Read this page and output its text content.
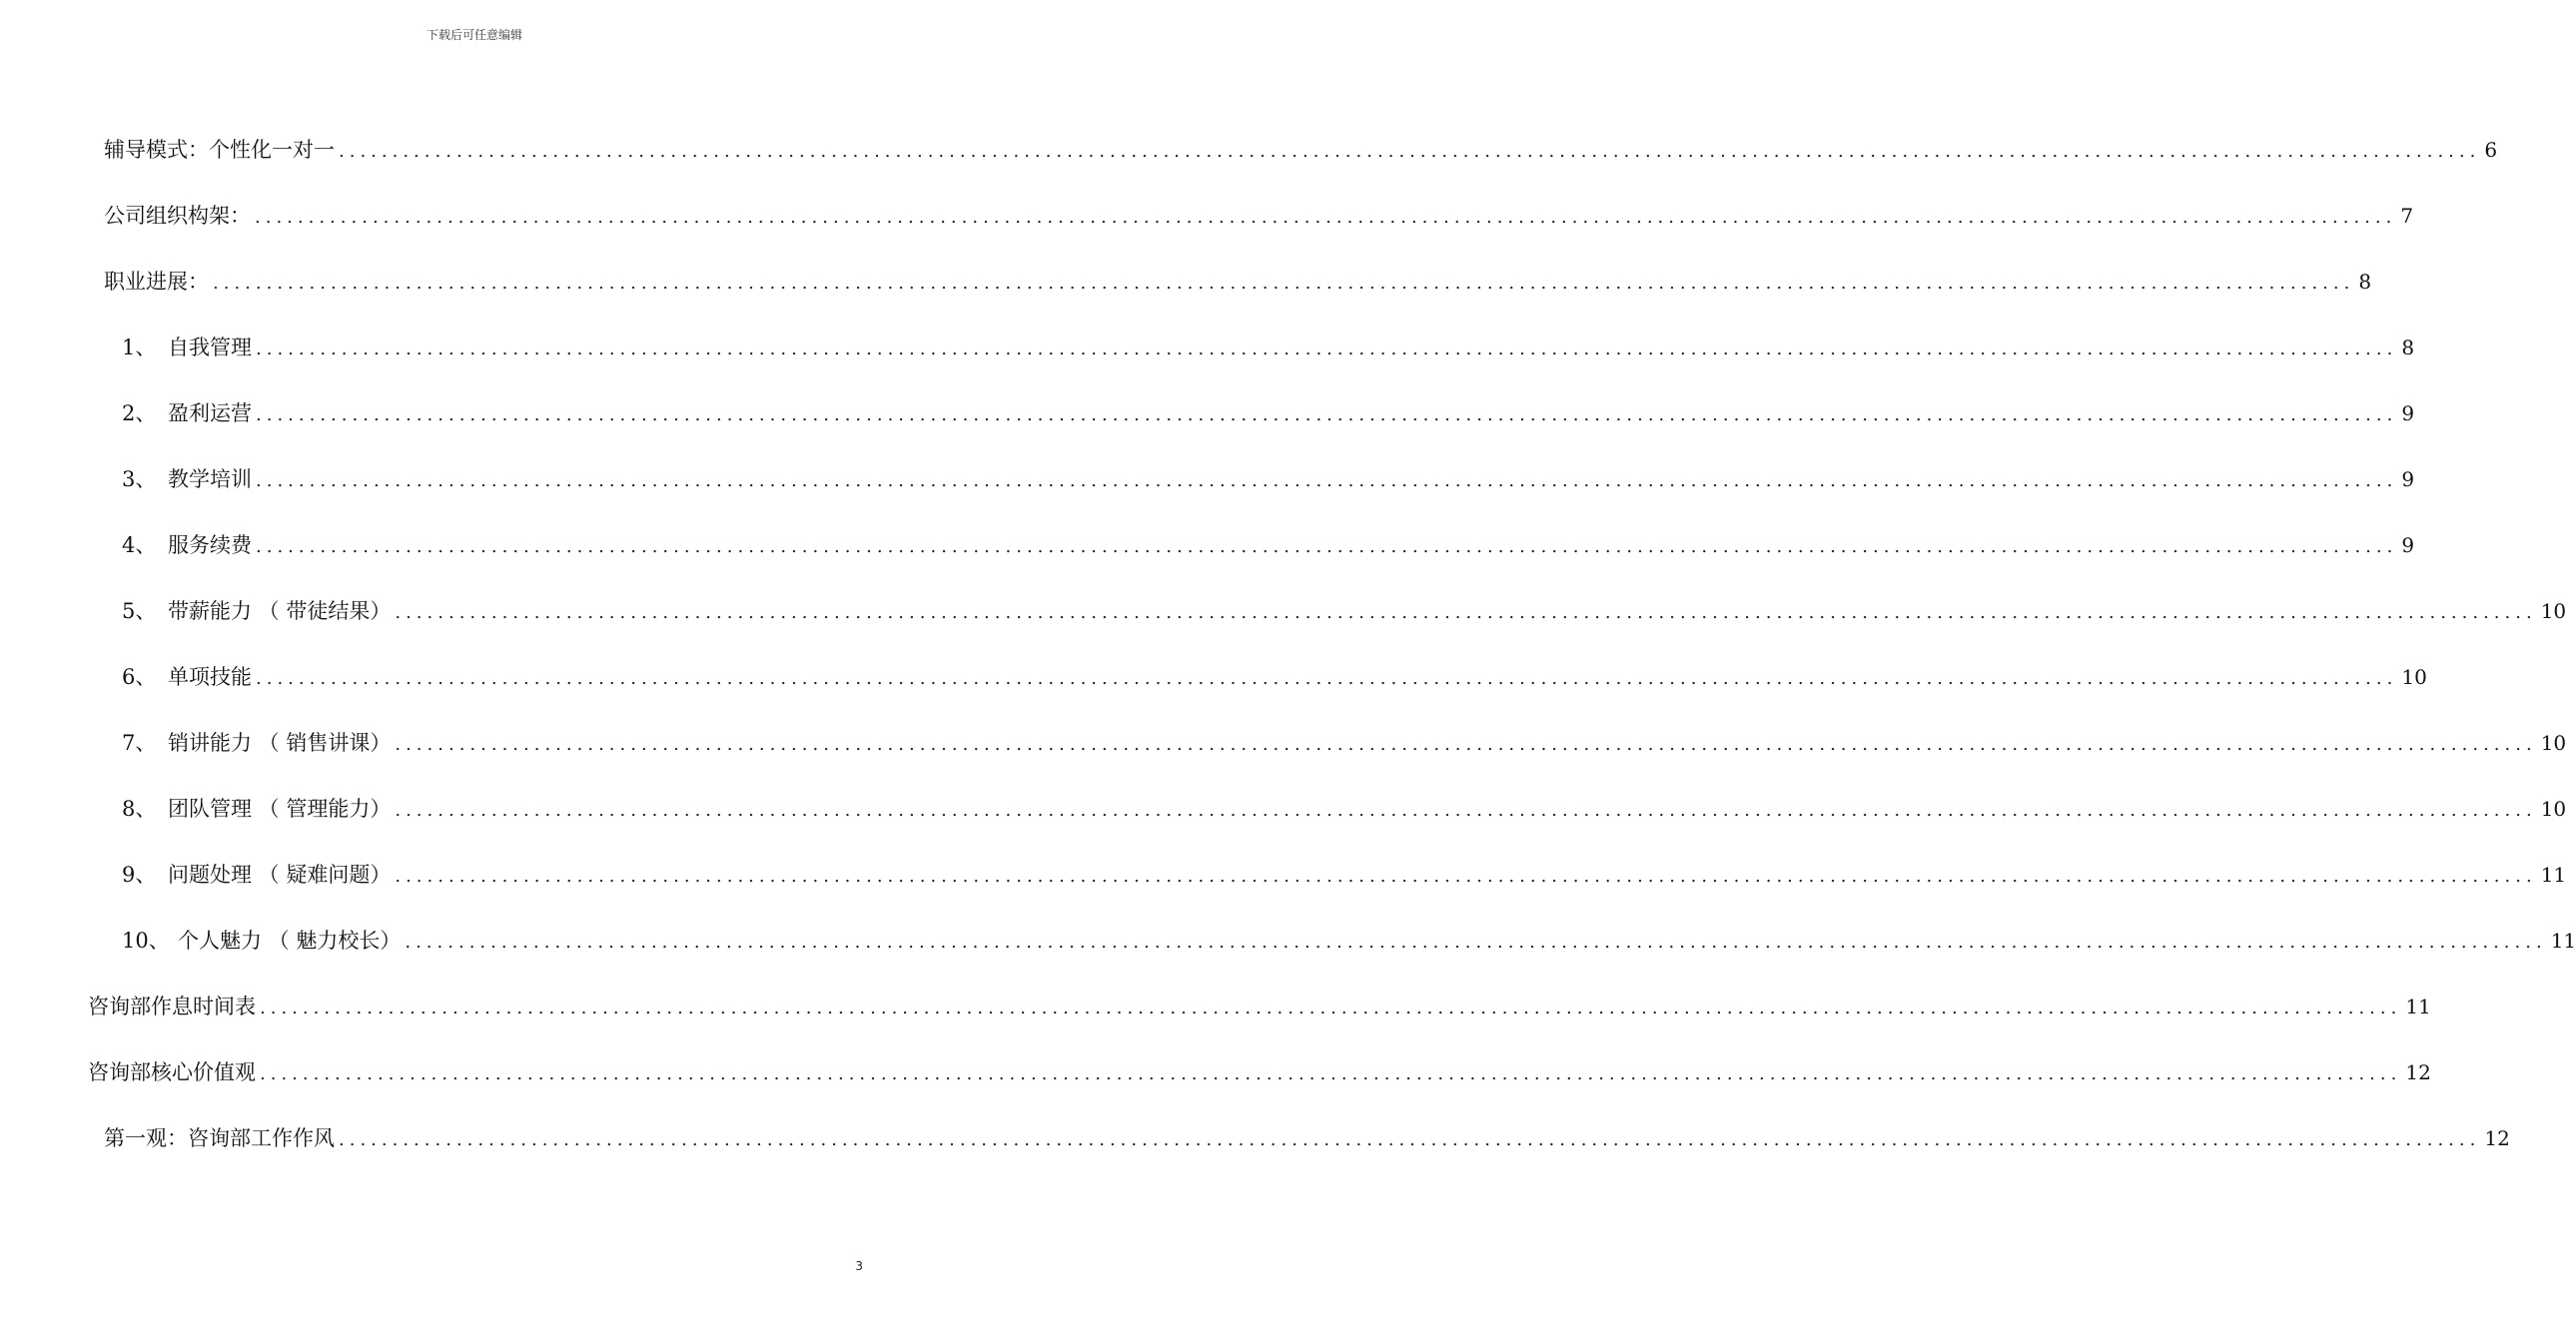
下载后可任意编辑
辅导模式：个性化一对一 ........................................................................................................................................................................................................ 6
公司组织构架： ........................................................................................................................................................................................................ 7
职业进展： ........................................................................................................................................................................................................ 8
1、 自我管理 ........................................................................................................................................................................................................ 8
2、 盈利运营 ........................................................................................................................................................................................................ 9
3、 教学培训 ........................................................................................................................................................................................................ 9
4、 服务续费 ........................................................................................................................................................................................................ 9
5、 带薪能力 （ 带徒结果） ........................................................................................................................................................................................................ 10
6、 单项技能 ........................................................................................................................................................................................................ 10
7、 销讲能力 （ 销售讲课） ........................................................................................................................................................................................................ 10
8、 团队管理 （ 管理能力） ........................................................................................................................................................................................................ 10
9、 问题处理 （ 疑难问题） ........................................................................................................................................................................................................ 11
10、 个人魅力 （ 魅力校长） ........................................................................................................................................................................................................ 11
咨询部作息时间表 ........................................................................................................................................................................................................ 11
咨询部核心价值观 ........................................................................................................................................................................................................ 12
第一观：咨询部工作作风 ........................................................................................................................................................................................................ 12
3
